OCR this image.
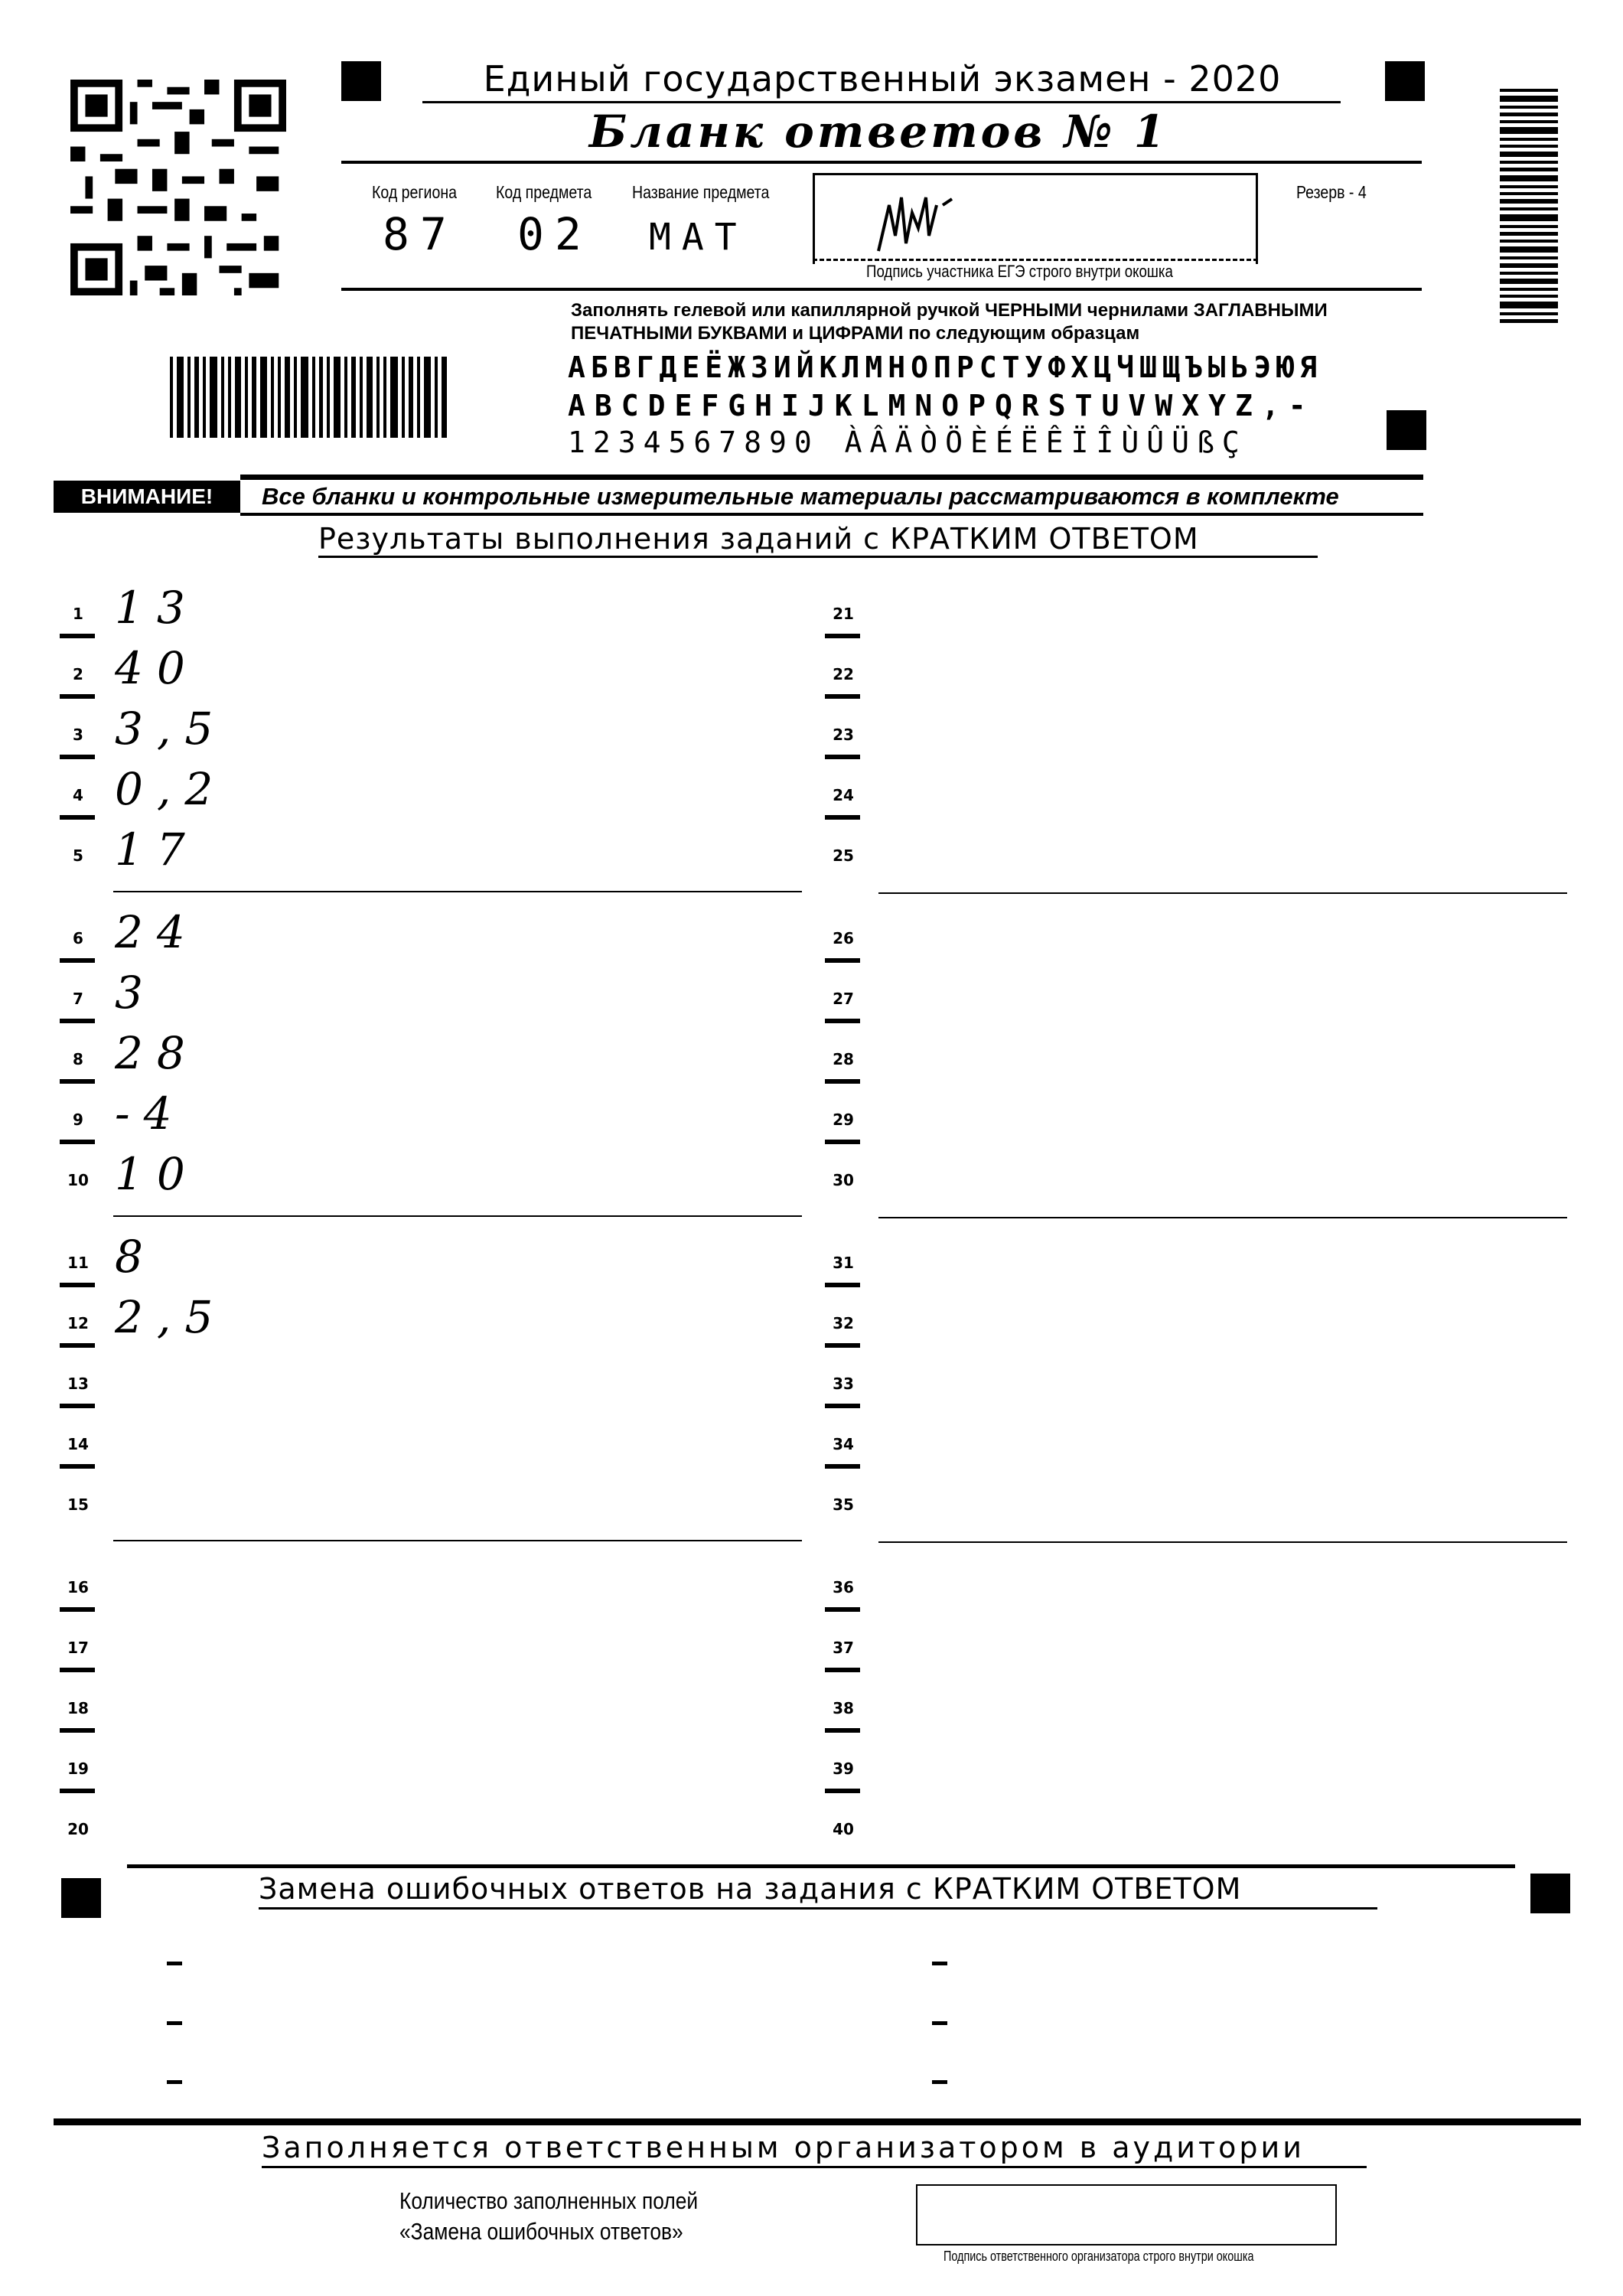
Единый государственный экзамен - 2020
Бланк ответов № 1
Код региона Код предмета Название предмета
87 02 МАТ
Резерв - 4
Подпись участника ЕГЭ строго внутри окошка
Заполнять гелевой или капиллярной ручкой ЧЕРНЫМИ чернилами ЗАГЛАВНЫМИ
ПЕЧАТНЫМИ БУКВАМИ и ЦИФРАМИ по следующим образцам
АБВГДЕЁЖЗИЙКЛМНОПРСТУФХЦЧШЩЪЫЬЭЮЯ
ABCDEFGHIJKLMNOPQRSTUVWXYZ,-
1234567890 ÀÂÄÒÖÈÉËÊÏÎÙÛÜßÇ
ВНИМАНИЕ!	Все бланки и контрольные измерительные материалы рассматриваются в комплекте
Результаты выполнения заданий с КРАТКИМ ОТВЕТОМ
1 13
2 40
3 3,5
4 0,2
5 17
6 24
7 3
8 28
9 -4
10 10
11 8
12 2,5
13
14
15
16
17
18
19
20
21
22
23
24
25
26
27
28
29
30
31
32
33
34
35
36
37
38
39
40
Замена ошибочных ответов на задания с КРАТКИМ ОТВЕТОМ
Заполняется ответственным организатором в аудитории
Количество заполненных полей
«Замена ошибочных ответов»
Подпись ответственного организатора строго внутри окошка
